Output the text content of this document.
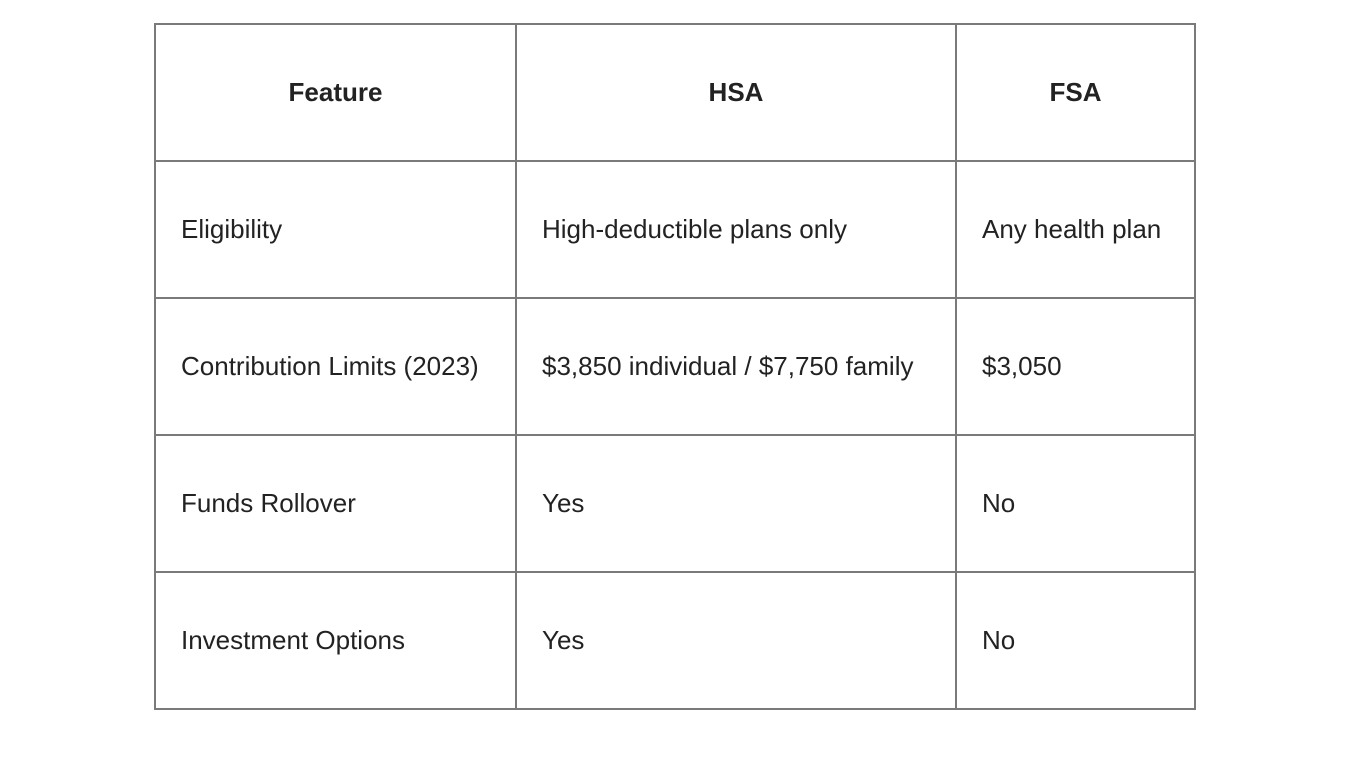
Feature	HSA	FSA
Eligibility	High-deductible plans only	Any health plan
Contribution Limits (2023)	$3,850 individual / $7,750 family	$3,050
Funds Rollover	Yes	No
Investment Options	Yes	No
